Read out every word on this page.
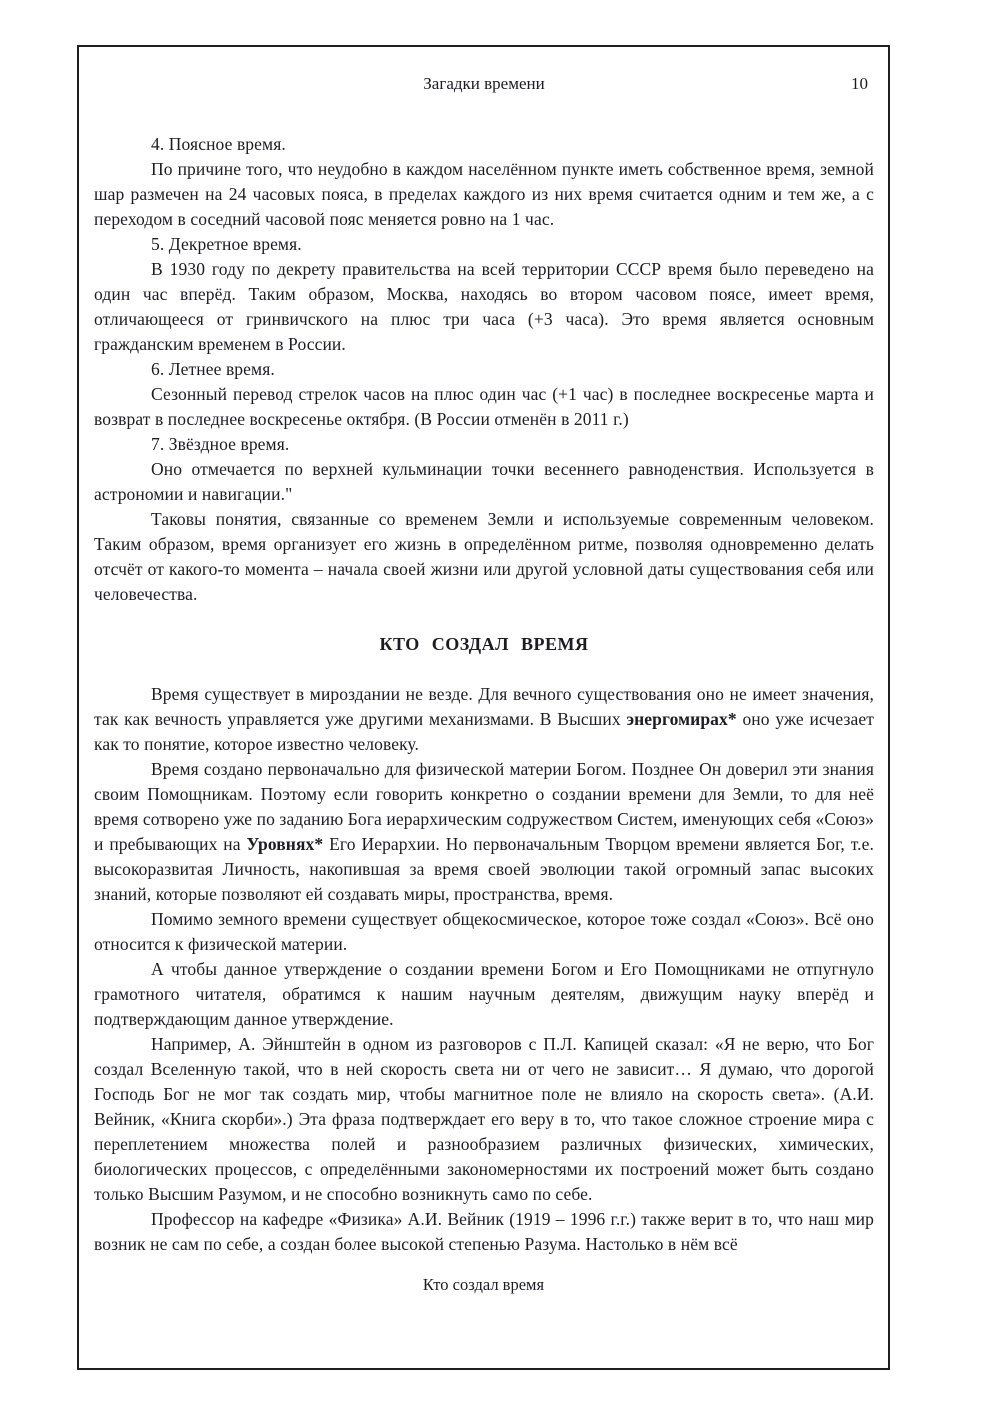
Загадки времени	10

4. Поясное время.

По причине того, что неудобно в каждом населённом пункте иметь собственное время, земной шар размечен на 24 часовых пояса, в пределах каждого из них время считается одним и тем же, а с переходом в соседний часовой пояс меняется ровно на 1 час.

5. Декретное время.

В 1930 году по декрету правительства на всей территории СССР время было переведено на один час вперёд. Таким образом, Москва, находясь во втором часовом поясе, имеет время, отличающееся от гринвичского на плюс три часа (+3 часа). Это время является основным гражданским временем в России.

6. Летнее время.

Сезонный перевод стрелок часов на плюс один час (+1 час) в последнее воскресенье марта и возврат в последнее воскресенье октября. (В России отменён в 2011 г.)

7. Звёздное время.

Оно отмечается по верхней кульминации точки весеннего равноденствия. Используется в астрономии и навигации."

Таковы понятия, связанные со временем Земли и используемые современным человеком. Таким образом, время организует его жизнь в определённом ритме, позволяя одновременно делать отсчёт от какого-то момента – начала своей жизни или другой условной даты существования себя или человечества.

КТО СОЗДАЛ ВРЕМЯ

Время существует в мироздании не везде. Для вечного существования оно не имеет значения, так как вечность управляется уже другими механизмами. В Высших энергомирах* оно уже исчезает как то понятие, которое известно человеку.

Время создано первоначально для физической материи Богом. Позднее Он доверил эти знания своим Помощникам. Поэтому если говорить конкретно о создании времени для Земли, то для неё время сотворено уже по заданию Бога иерархическим содружеством Систем, именующих себя «Союз» и пребывающих на Уровнях* Его Иерархии. Но первоначальным Творцом времени является Бог, т.е. высокоразвитая Личность, накопившая за время своей эволюции такой огромный запас высоких знаний, которые позволяют ей создавать миры, пространства, время.

Помимо земного времени существует общекосмическое, которое тоже создал «Союз». Всё оно относится к физической материи.

А чтобы данное утверждение о создании времени Богом и Его Помощниками не отпугнуло грамотного читателя, обратимся к нашим научным деятелям, движущим науку вперёд и подтверждающим данное утверждение.

Например, А. Эйнштейн в одном из разговоров с П.Л. Капицей сказал: «Я не верю, что Бог создал Вселенную такой, что в ней скорость света ни от чего не зависит… Я думаю, что дорогой Господь Бог не мог так создать мир, чтобы магнитное поле не влияло на скорость света». (А.И. Вейник, «Книга скорби».) Эта фраза подтверждает его веру в то, что такое сложное строение мира с переплетением множества полей и разнообразием различных физических, химических, биологических процессов, с определёнными закономерностями их построений может быть создано только Высшим Разумом, и не способно возникнуть само по себе.

Профессор на кафедре «Физика» А.И. Вейник (1919 – 1996 г.г.) также верит в то, что наш мир возник не сам по себе, а создан более высокой степенью Разума. Настолько в нём всё

Кто создал время
